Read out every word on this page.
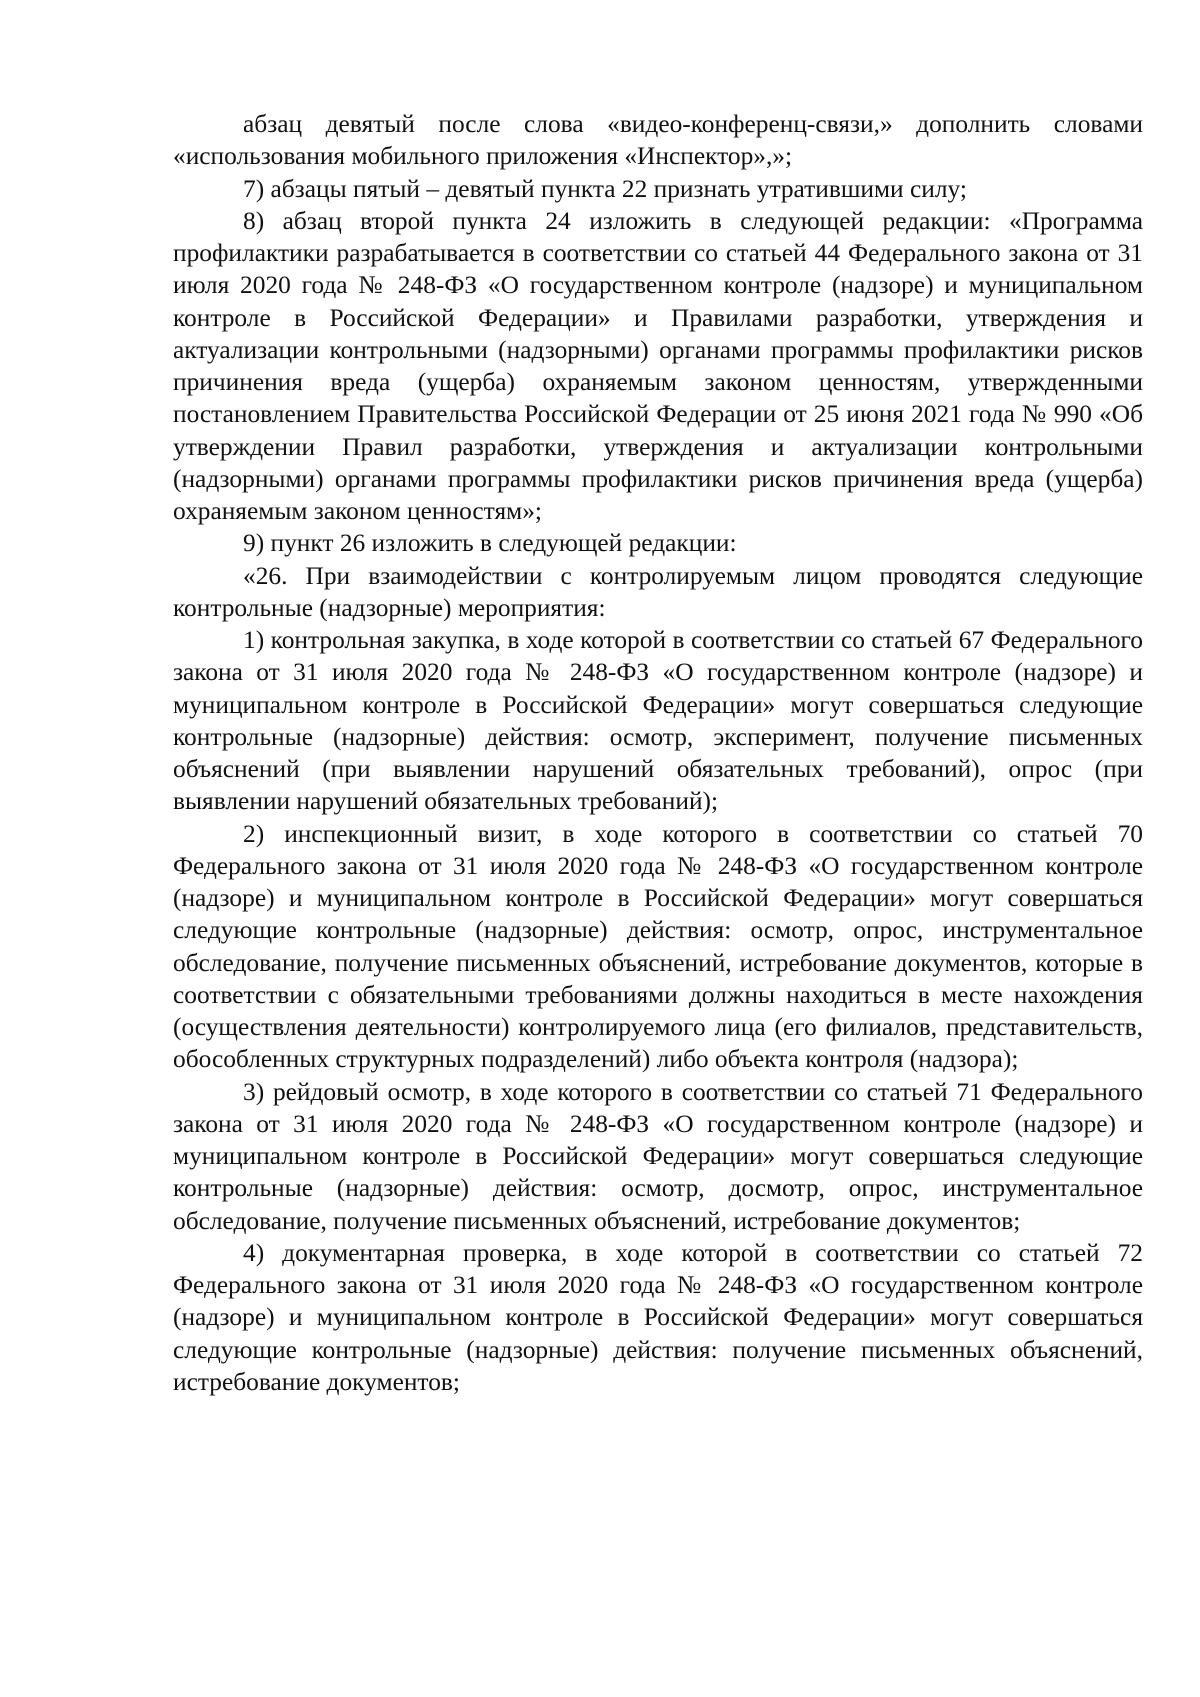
абзац девятый после слова «видео-конференц-связи,» дополнить словами «использования мобильного приложения «Инспектор»,»;

7) абзацы пятый – девятый пункта 22 признать утратившими силу;

8) абзац второй пункта 24 изложить в следующей редакции: «Программа профилактики разрабатывается в соответствии со статьей 44 Федерального закона от 31 июля 2020 года № 248-ФЗ «О государственном контроле (надзоре) и муниципальном контроле в Российской Федерации» и Правилами разработки, утверждения и актуализации контрольными (надзорными) органами программы профилактики рисков причинения вреда (ущерба) охраняемым законом ценностям, утвержденными постановлением Правительства Российской Федерации от 25 июня 2021 года № 990 «Об утверждении Правил разработки, утверждения и актуализации контрольными (надзорными) органами программы профилактики рисков причинения вреда (ущерба) охраняемым законом ценностям»;

9) пункт 26 изложить в следующей редакции:

«26. При взаимодействии с контролируемым лицом проводятся следующие контрольные (надзорные) мероприятия:

1) контрольная закупка, в ходе которой в соответствии со статьей 67 Федерального закона от 31 июля 2020 года № 248-ФЗ «О государственном контроле (надзоре) и муниципальном контроле в Российской Федерации» могут совершаться следующие контрольные (надзорные) действия: осмотр, эксперимент, получение письменных объяснений (при выявлении нарушений обязательных требований), опрос (при выявлении нарушений обязательных требований);

2) инспекционный визит, в ходе которого в соответствии со статьей 70 Федерального закона от 31 июля 2020 года № 248-ФЗ «О государственном контроле (надзоре) и муниципальном контроле в Российской Федерации» могут совершаться следующие контрольные (надзорные) действия: осмотр, опрос, инструментальное обследование, получение письменных объяснений, истребование документов, которые в соответствии с обязательными требованиями должны находиться в месте нахождения (осуществления деятельности) контролируемого лица (его филиалов, представительств, обособленных структурных подразделений) либо объекта контроля (надзора);

3) рейдовый осмотр, в ходе которого в соответствии со статьей 71 Федерального закона от 31 июля 2020 года № 248-ФЗ «О государственном контроле (надзоре) и муниципальном контроле в Российской Федерации» могут совершаться следующие контрольные (надзорные) действия: осмотр, досмотр, опрос, инструментальное обследование, получение письменных объяснений, истребование документов;

4) документарная проверка, в ходе которой в соответствии со статьей 72 Федерального закона от 31 июля 2020 года № 248-ФЗ «О государственном контроле (надзоре) и муниципальном контроле в Российской Федерации» могут совершаться следующие контрольные (надзорные) действия: получение письменных объяснений, истребование документов;
